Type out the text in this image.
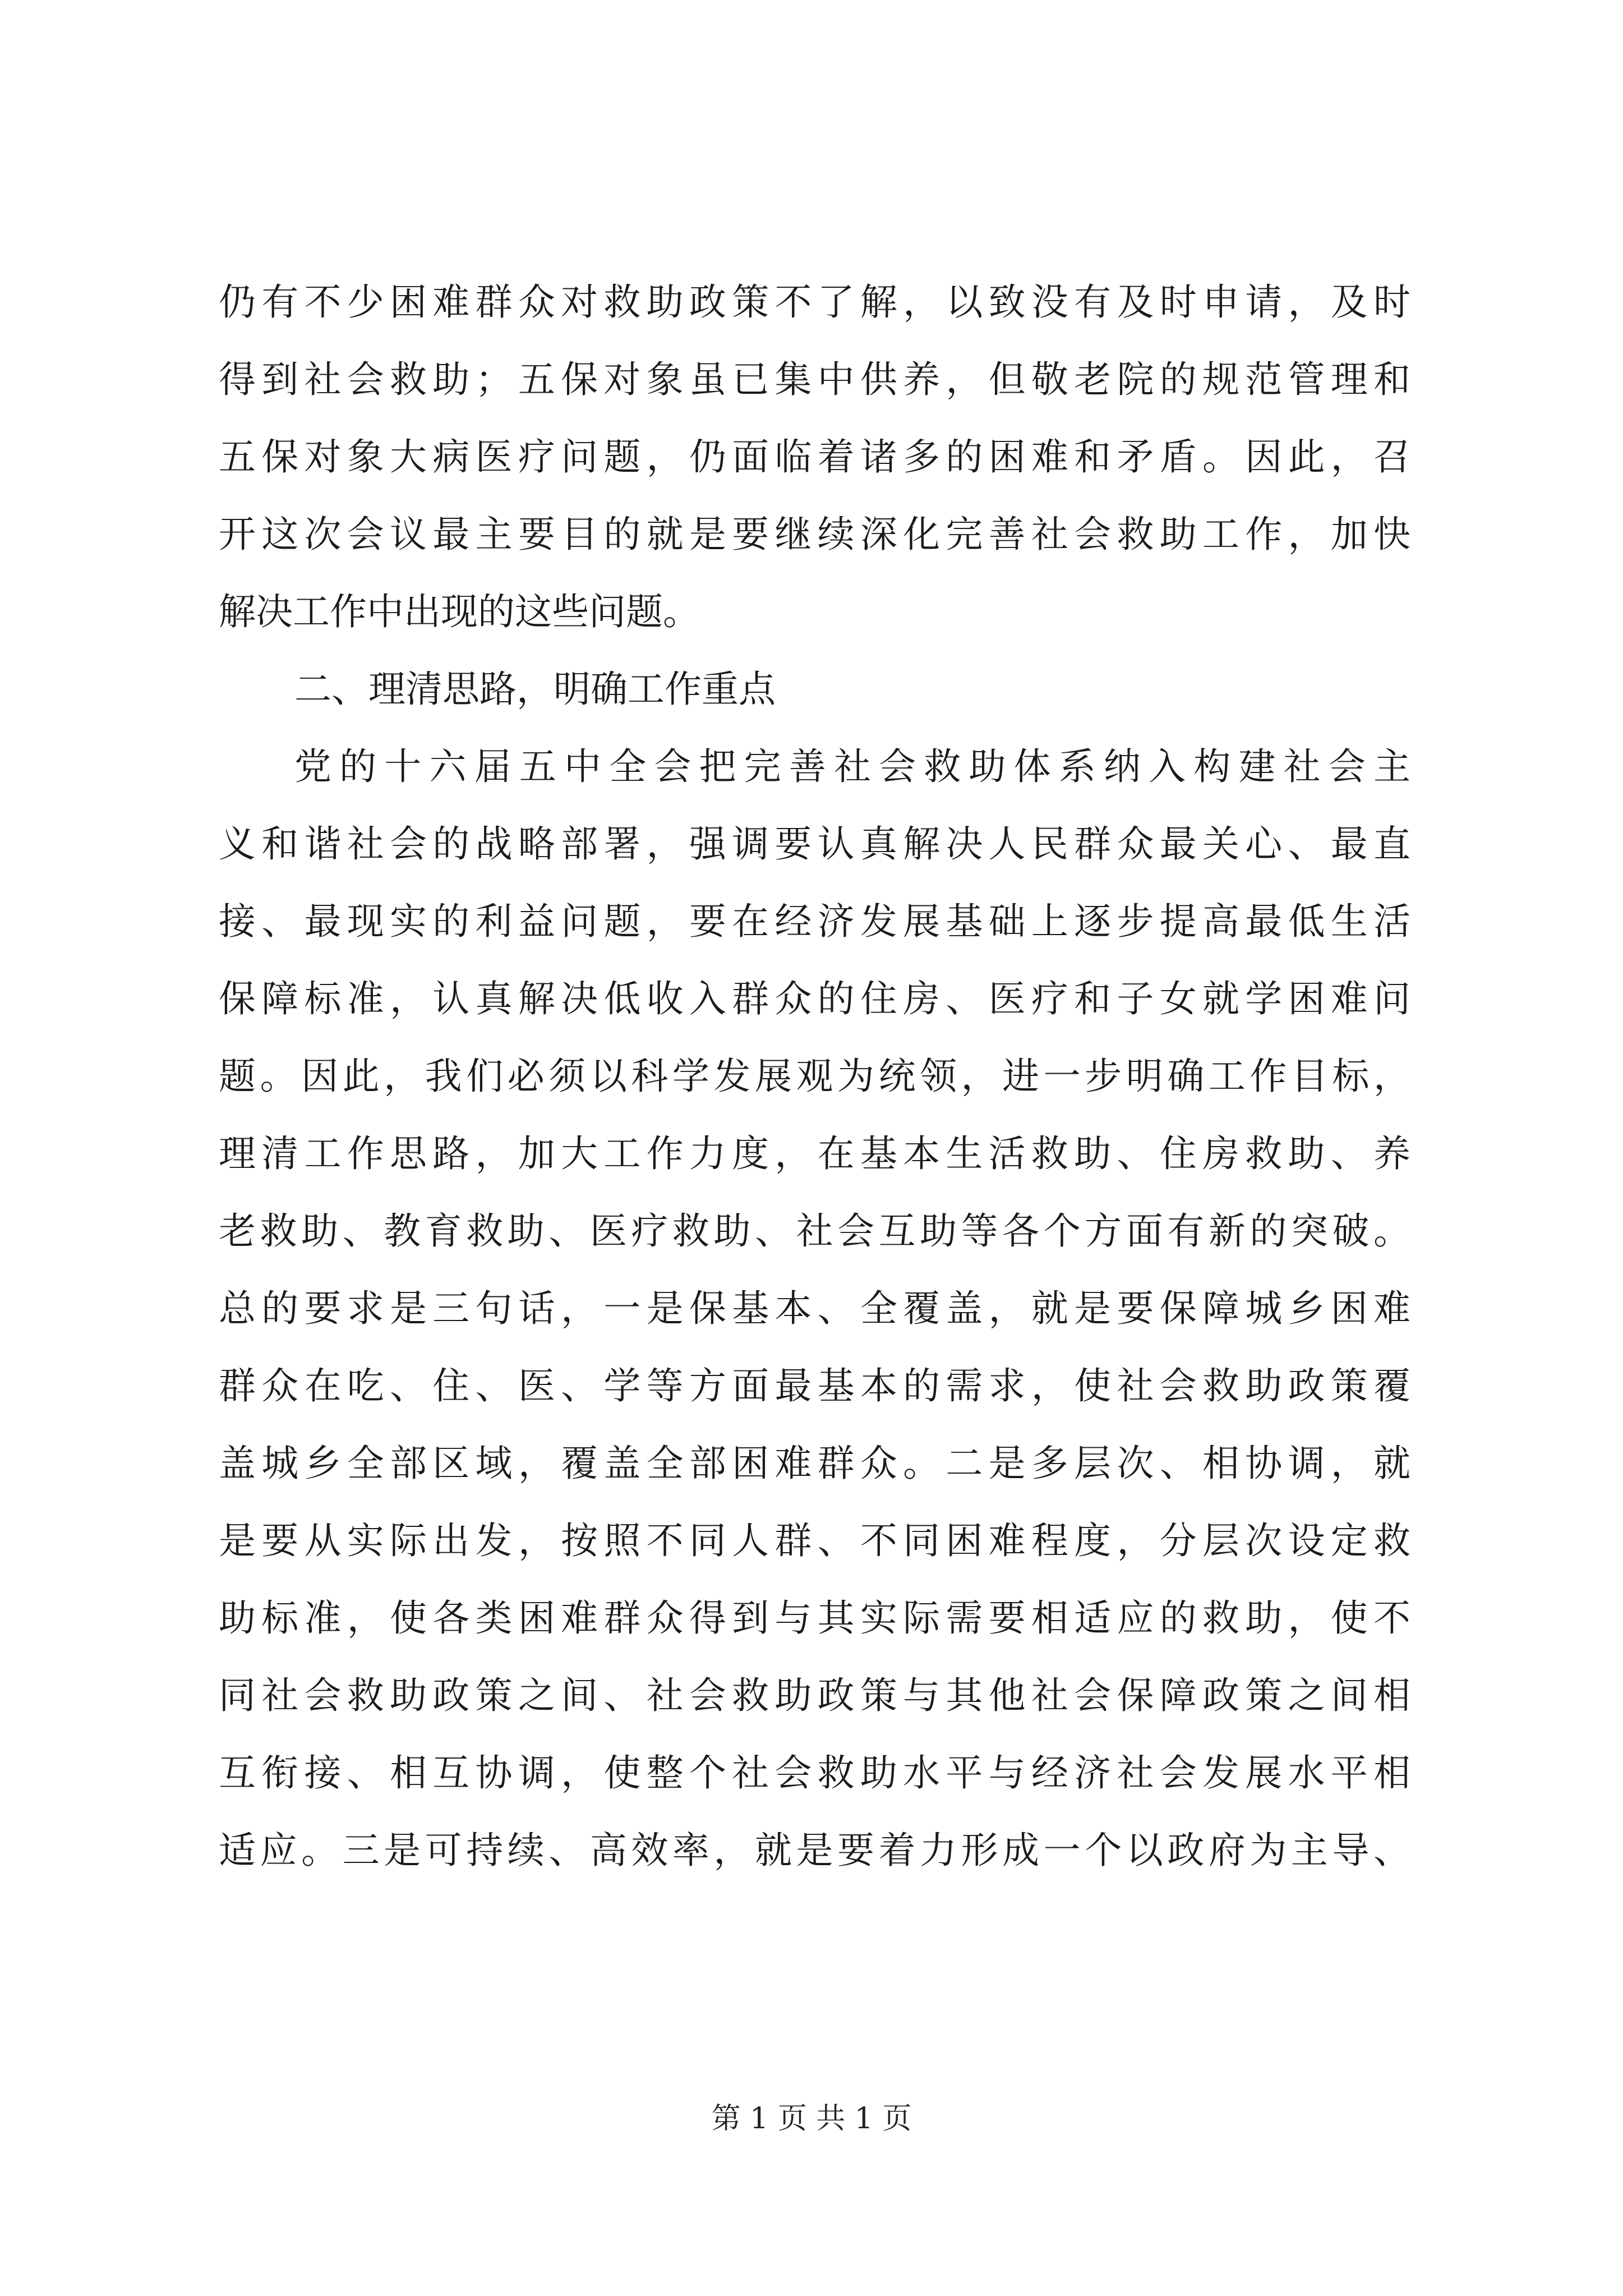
仍有不少困难群众对救助政策不了解，以致没有及时申请，及时
得到社会救助；五保对象虽已集中供养，但敬老院的规范管理和
五保对象大病医疗问题，仍面临着诸多的困难和矛盾。因此，召
开这次会议最主要目的就是要继续深化完善社会救助工作，加快
解决工作中出现的这些问题。
二、理清思路，明确工作重点
党的十六届五中全会把完善社会救助体系纳入构建社会主
义和谐社会的战略部署，强调要认真解决人民群众最关心、最直
接、最现实的利益问题，要在经济发展基础上逐步提高最低生活
保障标准，认真解决低收入群众的住房、医疗和子女就学困难问
题。因此，我们必须以科学发展观为统领，进一步明确工作目标，
理清工作思路，加大工作力度，在基本生活救助、住房救助、养
老救助、教育救助、医疗救助、社会互助等各个方面有新的突破。
总的要求是三句话，一是保基本、全覆盖，就是要保障城乡困难
群众在吃、住、医、学等方面最基本的需求，使社会救助政策覆
盖城乡全部区域，覆盖全部困难群众。二是多层次、相协调，就
是要从实际出发，按照不同人群、不同困难程度，分层次设定救
助标准，使各类困难群众得到与其实际需要相适应的救助，使不
同社会救助政策之间、社会救助政策与其他社会保障政策之间相
互衔接、相互协调，使整个社会救助水平与经济社会发展水平相
适应。三是可持续、高效率，就是要着力形成一个以政府为主导、
第 1 页 共 1 页
